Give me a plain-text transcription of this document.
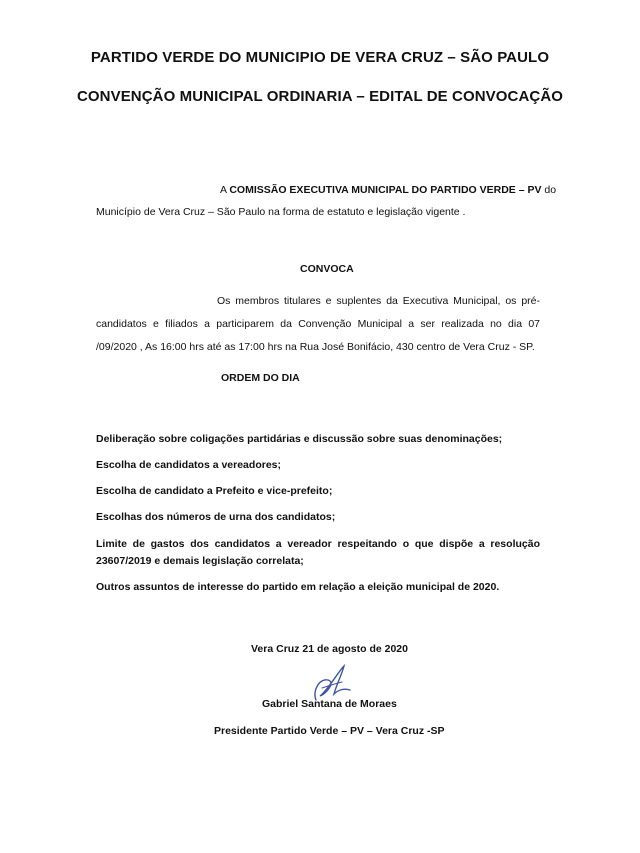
PARTIDO VERDE DO MUNICIPIO DE VERA CRUZ – SÃO PAULO
CONVENÇÃO MUNICIPAL ORDINARIA – EDITAL DE CONVOCAÇÃO
A COMISSÃO EXECUTIVA MUNICIPAL DO PARTIDO VERDE – PV do
Município de Vera Cruz – São Paulo na forma de estatuto e legislação vigente .
CONVOCA
Os membros titulares e suplentes da Executiva Municipal, os pré-
candidatos e filiados a participarem da Convenção Municipal a ser realizada no dia 07
/09/2020 , As 16:00 hrs até as 17:00 hrs na Rua José Bonifácio, 430 centro de Vera Cruz - SP.
ORDEM DO DIA
Deliberação sobre coligações partidárias e discussão sobre suas denominações;
Escolha de candidatos a vereadores;
Escolha de candidato a Prefeito e vice-prefeito;
Escolhas dos números de urna dos candidatos;
Limite de gastos dos candidatos a vereador respeitando o que dispõe a resolução 23607/2019 e demais legislação correlata;
Outros assuntos de interesse do partido em relação a eleição municipal de 2020.
Vera Cruz 21 de agosto de 2020
Gabriel Santana de Moraes
Presidente Partido Verde – PV – Vera Cruz -SP
